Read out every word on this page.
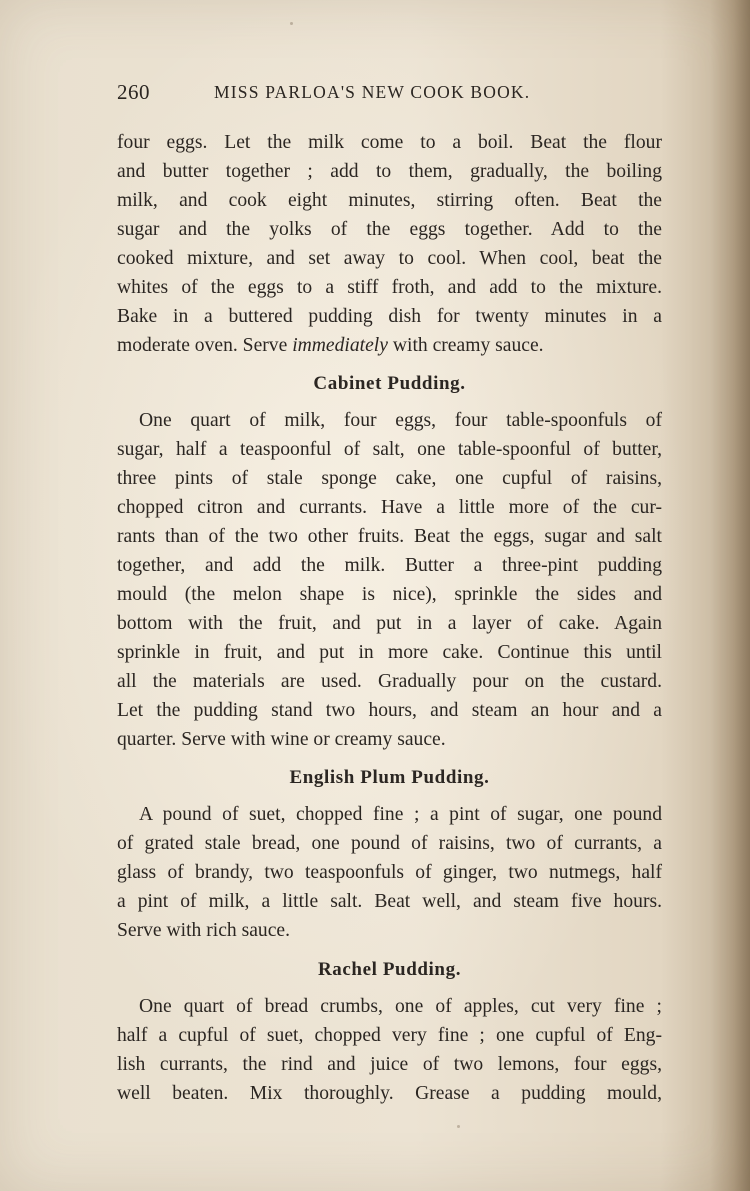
260	MISS PARLOA'S NEW COOK BOOK.
four eggs. Let the milk come to a boil. Beat the flour
and butter together ; add to them, gradually, the boiling
milk, and cook eight minutes, stirring often. Beat the
sugar and the yolks of the eggs together. Add to the
cooked mixture, and set away to cool. When cool, beat the
whites of the eggs to a stiff froth, and add to the mixture.
Bake in a buttered pudding dish for twenty minutes in a
moderate oven. Serve immediately with creamy sauce.
Cabinet Pudding.
One quart of milk, four eggs, four table-spoonfuls of
sugar, half a teaspoonful of salt, one table-spoonful of butter,
three pints of stale sponge cake, one cupful of raisins,
chopped citron and currants. Have a little more of the cur-
rants than of the two other fruits. Beat the eggs, sugar and salt
together, and add the milk. Butter a three-pint pudding
mould (the melon shape is nice), sprinkle the sides and
bottom with the fruit, and put in a layer of cake. Again
sprinkle in fruit, and put in more cake. Continue this until
all the materials are used. Gradually pour on the custard.
Let the pudding stand two hours, and steam an hour and a
quarter. Serve with wine or creamy sauce.
English Plum Pudding.
A pound of suet, chopped fine ; a pint of sugar, one pound
of grated stale bread, one pound of raisins, two of currants, a
glass of brandy, two teaspoonfuls of ginger, two nutmegs, half
a pint of milk, a little salt. Beat well, and steam five hours.
Serve with rich sauce.
Rachel Pudding.
One quart of bread crumbs, one of apples, cut very fine ;
half a cupful of suet, chopped very fine ; one cupful of Eng-
lish currants, the rind and juice of two lemons, four eggs,
well beaten. Mix thoroughly. Grease a pudding mould,
